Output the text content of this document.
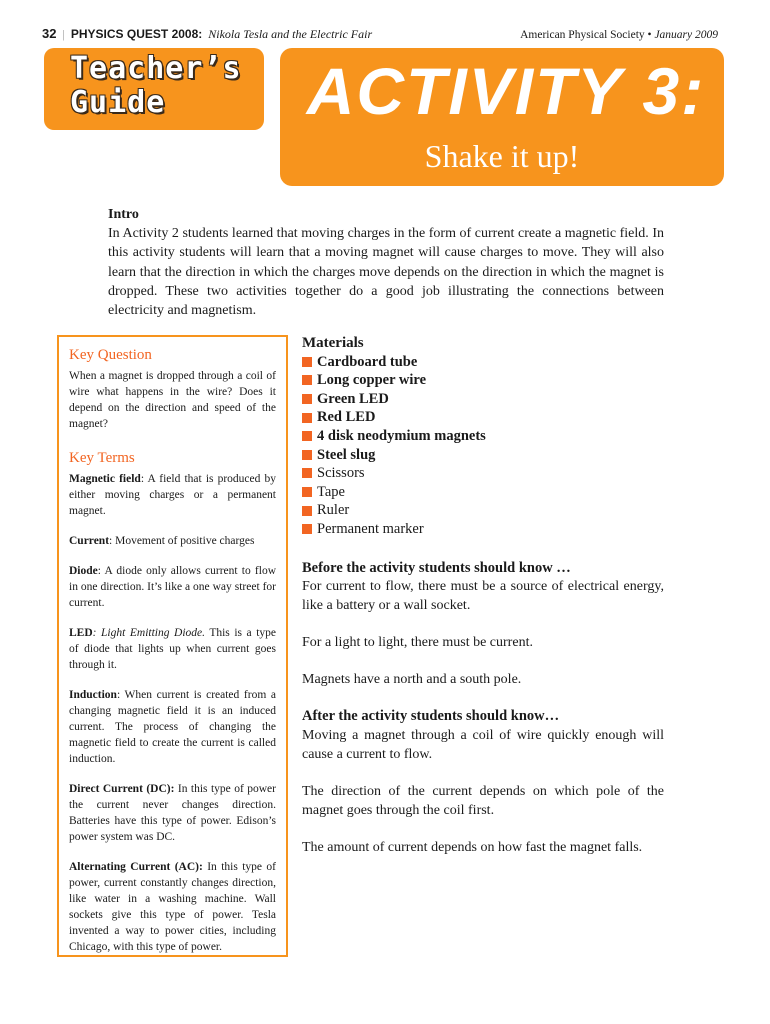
32 | PHYSICS QUEST 2008: Nikola Tesla and the Electric Fair	American Physical Society • January 2009
Teacher’s
Guide	ACTIVITY 3:
Shake it up!
Intro

In Activity 2 students learned that moving charges in the form of current create a magnetic field. In this activity students will learn that a moving magnet will cause charges to move. They will also learn that the direction in which the charges move depends on the direction in which the magnet is dropped. These two activities together do a good job illustrating the connections between electricity and magnetism.

Key Question

When a magnet is dropped through a coil of wire what happens in the wire? Does it depend on the direction and speed of the magnet?

Key Terms

Magnetic field: A field that is produced by either moving charges or a permanent magnet.

Current: Movement of positive charges

Diode: A diode only allows current to flow in one direction. It’s like a one way street for current.

LED: Light Emitting Diode. This is a type of diode that lights up when current goes through it.

Induction: When current is created from a changing magnetic field it is an induced current. The process of changing the magnetic field to create the current is called induction.

Direct Current (DC): In this type of power the current never changes direction. Batteries have this type of power. Edison’s power system was DC.

Alternating Current (AC): In this type of power, current constantly changes direction, like water in a washing machine. Wall sockets give this type of power. Tesla invented a way to power cities, including Chicago, with this type of power.

Materials
Cardboard tube
Long copper wire
Green LED
Red LED
4 disk neodymium magnets
Steel slug
Scissors
Tape
Ruler
Permanent marker
Before the activity students should know …

For current to flow, there must be a source of electrical energy, like a battery or a wall socket.

For a light to light, there must be current.

Magnets have a north and a south pole.

After the activity students should know…

Moving a magnet through a coil of wire quickly enough will cause a current to flow.

The direction of the current depends on which pole of the magnet goes through the coil first.

The amount of current depends on how fast the magnet falls.
